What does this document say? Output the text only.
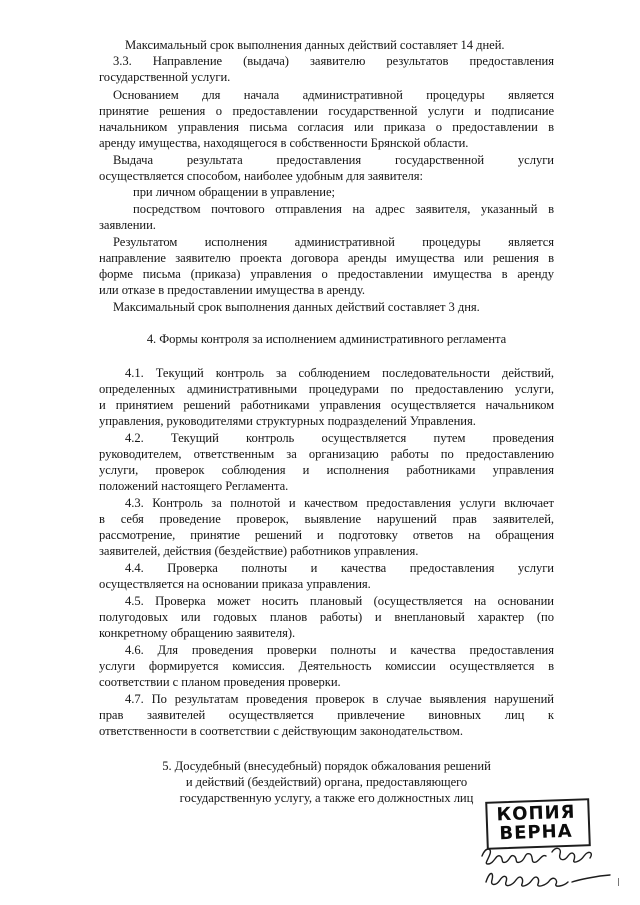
Максимальный срок выполнения данных действий составляет 14 дней.
3.3. Направление (выдача) заявителю результатов предоставления
государственной услуги.
Основанием для начала административной процедуры является
принятие решения о предоставлении государственной услуги и подписание
начальником управления письма согласия или приказа о предоставлении в
аренду имущества, находящегося в собственности Брянской области.
Выдача результата предоставления государственной услуги
осуществляется способом, наиболее удобным для заявителя:
при личном обращении в управление;
посредством почтового отправления на адрес заявителя, указанный в
заявлении.
Результатом исполнения административной процедуры является
направление заявителю проекта договора аренды имущества или решения в
форме письма (приказа) управления о предоставлении имущества в аренду
или отказе в предоставлении имущества в аренду.
Максимальный срок выполнения данных действий составляет 3 дня.
4. Формы контроля за исполнением административного регламента
4.1. Текущий контроль за соблюдением последовательности действий,
определенных административными процедурами по предоставлению услуги,
и принятием решений работниками управления осуществляется начальником
управления, руководителями структурных подразделений Управления.
4.2. Текущий контроль осуществляется путем проведения
руководителем, ответственным за организацию работы по предоставлению
услуги, проверок соблюдения и исполнения работниками управления
положений настоящего Регламента.
4.3. Контроль за полнотой и качеством предоставления услуги включает
в себя проведение проверок, выявление нарушений прав заявителей,
рассмотрение, принятие решений и подготовку ответов на обращения
заявителей, действия (бездействие) работников управления.
4.4. Проверка полноты и качества предоставления услуги
осуществляется на основании приказа управления.
4.5. Проверка может носить плановый (осуществляется на основании
полугодовых или годовых планов работы) и внеплановый характер (по
конкретному обращению заявителя).
4.6. Для проведения проверки полноты и качества предоставления
услуги формируется комиссия. Деятельность комиссии осуществляется в
соответствии с планом проведения проверки.
4.7. По результатам проведения проверок в случае выявления нарушений
прав заявителей осуществляется привлечение виновных лиц к
ответственности в соответствии с действующим законодательством.
5. Досудебный (внесудебный) порядок обжалования решений
и действий (бездействий) органа, предоставляющего
государственную услугу, а также его должностных лиц
КОПИЯ
ВЕРНА
